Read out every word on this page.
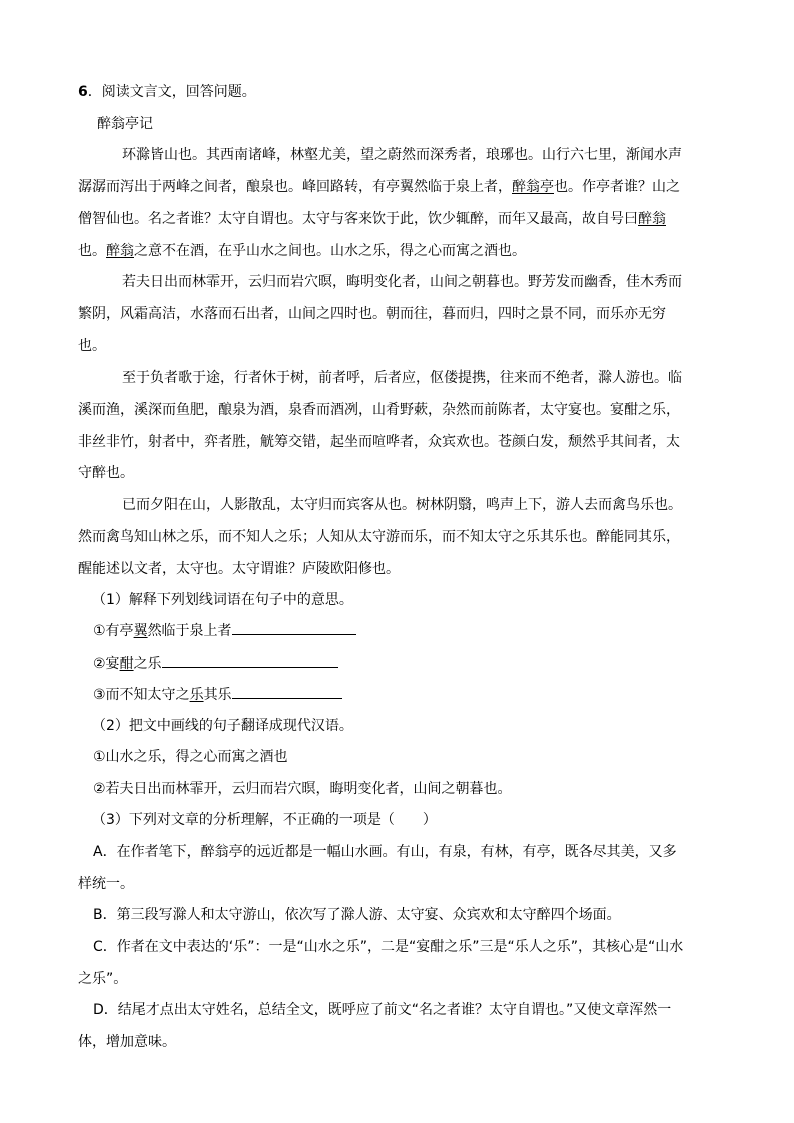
6．阅读文言文，回答问题。
醉翁亭记
环滁皆山也。其西南诸峰，林壑尤美，望之蔚然而深秀者，琅琊也。山行六七里，渐闻水声
潺潺而泻出于两峰之间者，酿泉也。峰回路转，有亭翼然临于泉上者，醉翁亭也。作亭者谁？山之
僧智仙也。名之者谁？太守自谓也。太守与客来饮于此，饮少辄醉，而年又最高，故自号曰醉翁
也。醉翁之意不在酒，在乎山水之间也。山水之乐，得之心而寓之酒也。
若夫日出而林霏开，云归而岩穴暝，晦明变化者，山间之朝暮也。野芳发而幽香，佳木秀而
繁阴，风霜高洁，水落而石出者，山间之四时也。朝而往，暮而归，四时之景不同，而乐亦无穷
也。
至于负者歌于途，行者休于树，前者呼，后者应，伛偻提携，往来而不绝者，滁人游也。临
溪而渔，溪深而鱼肥，酿泉为酒，泉香而酒冽，山肴野蔌，杂然而前陈者，太守宴也。宴酣之乐，
非丝非竹，射者中，弈者胜，觥筹交错，起坐而喧哗者，众宾欢也。苍颜白发，颓然乎其间者，太
守醉也。
已而夕阳在山，人影散乱，太守归而宾客从也。树林阴翳，鸣声上下，游人去而禽鸟乐也。
然而禽鸟知山林之乐，而不知人之乐；人知从太守游而乐，而不知太守之乐其乐也。醉能同其乐，
醒能述以文者，太守也。太守谓谁？庐陵欧阳修也。
（1）解释下列划线词语在句子中的意思。
①有亭翼然临于泉上者
②宴酣之乐
③而不知太守之乐其乐
（2）把文中画线的句子翻译成现代汉语。
①山水之乐，得之心而寓之酒也
②若夫日出而林霏开，云归而岩穴暝，晦明变化者，山间之朝暮也。
（3）下列对文章的分析理解，不正确的一项是（　　）
A．在作者笔下，醉翁亭的远近都是一幅山水画。有山，有泉，有林，有亭，既各尽其美，又多
样统一。
B．第三段写滁人和太守游山，依次写了滁人游、太守宴、众宾欢和太守醉四个场面。
C．作者在文中表达的‘乐”：一是“山水之乐”，二是“宴酣之乐”三是“乐人之乐”，其核心是“山水
之乐”。
D．结尾才点出太守姓名，总结全文，既呼应了前文“名之者谁？太守自谓也。”又使文章浑然一
体，增加意味。
